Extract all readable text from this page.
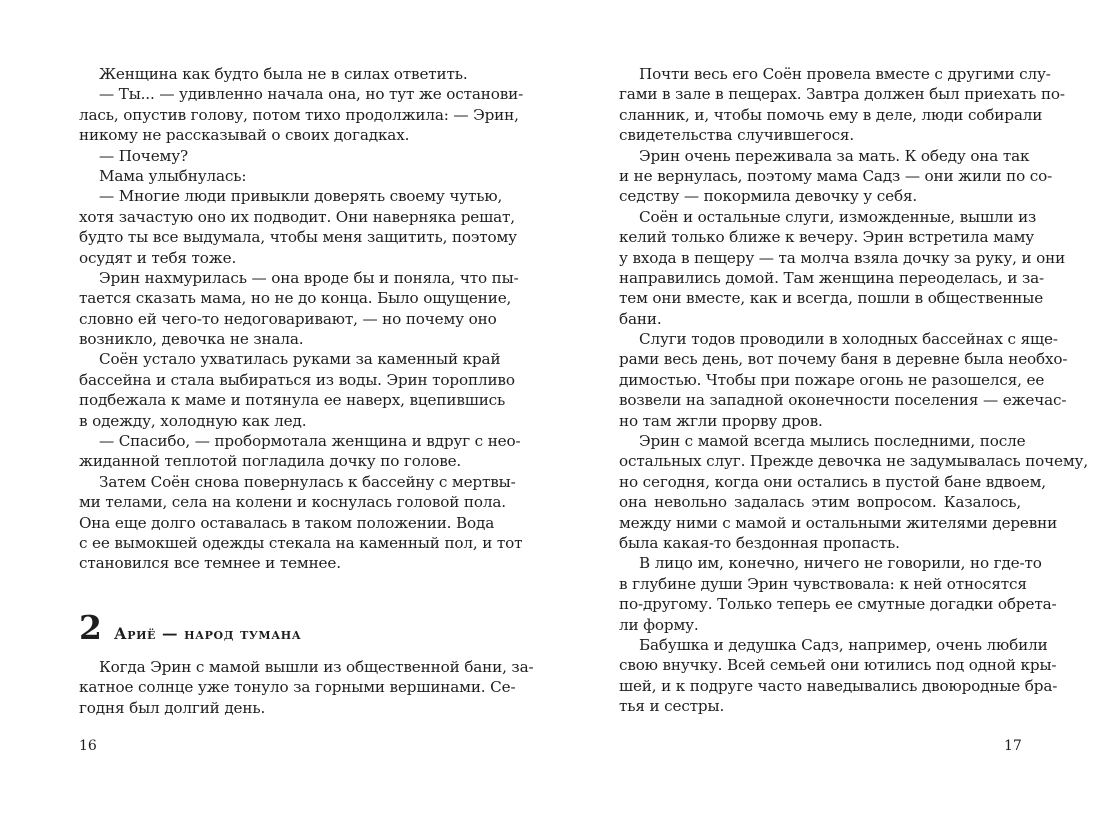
Женщина как будто была не в силах ответить.
— Ты... — удивленно начала она, но тут же останови-
лась, опустив голову, потом тихо продолжила: — Эрин,
никому не рассказывай о своих догадках.
— Почему?
Мама улыбнулась:
— Многие люди привыкли доверять своему чутью,
хотя зачастую оно их подводит. Они наверняка решат,
будто ты все выдумала, чтобы меня защитить, поэтому
осудят и тебя тоже.
Эрин нахмурилась — она вроде бы и поняла, что пы-
тается сказать мама, но не до конца. Было ощущение,
словно ей чего-то недоговаривают, — но почему оно
возникло, девочка не знала.
Соён устало ухватилась руками за каменный край
бассейна и стала выбираться из воды. Эрин торопливо
подбежала к маме и потянула ее наверх, вцепившись
в одежду, холодную как лед.
— Спасибо, — пробормотала женщина и вдруг с нео-
жиданной теплотой погладила дочку по голове.
Затем Соён снова повернулась к бассейну с мертвы-
ми телами, села на колени и коснулась головой пола.
Она еще долго оставалась в таком положении. Вода
с ее вымокшей одежды стекала на каменный пол, и тот
становился все темнее и темнее.
2 Ариё — народ тумана
Когда Эрин с мамой вышли из общественной бани, за-
катное солнце уже тонуло за горными вершинами. Се-
годня был долгий день.
16
Почти весь его Соён провела вместе с другими слу-
гами в зале в пещерах. Завтра должен был приехать по-
сланник, и, чтобы помочь ему в деле, люди собирали
свидетельства случившегося.
Эрин очень переживала за мать. К обеду она так
и не вернулась, поэтому мама Садз — они жили по со-
седству — покормила девочку у себя.
Соён и остальные слуги, изможденные, вышли из
келий только ближе к вечеру. Эрин встретила маму
у входа в пещеру — та молча взяла дочку за руку, и они
направились домой. Там женщина переоделась, и за-
тем они вместе, как и всегда, пошли в общественные
бани.
Слуги тодов проводили в холодных бассейнах с яще-
рами весь день, вот почему баня в деревне была необхо-
димостью. Чтобы при пожаре огонь не разошелся, ее
возвели на западной оконечности поселения — ежечас-
но там жгли прорву дров.
Эрин с мамой всегда мылись последними, после
остальных слуг. Прежде девочка не задумывалась почему,
но сегодня, когда они остались в пустой бане вдвоем,
она невольно задалась этим вопросом. Казалось,
между ними с мамой и остальными жителями деревни
была какая-то бездонная пропасть.
В лицо им, конечно, ничего не говорили, но где-то
в глубине души Эрин чувствовала: к ней относятся
по-другому. Только теперь ее смутные догадки обрета-
ли форму.
Бабушка и дедушка Садз, например, очень любили
свою внучку. Всей семьей они ютились под одной кры-
шей, и к подруге часто наведывались двоюродные бра-
тья и сестры.
17
